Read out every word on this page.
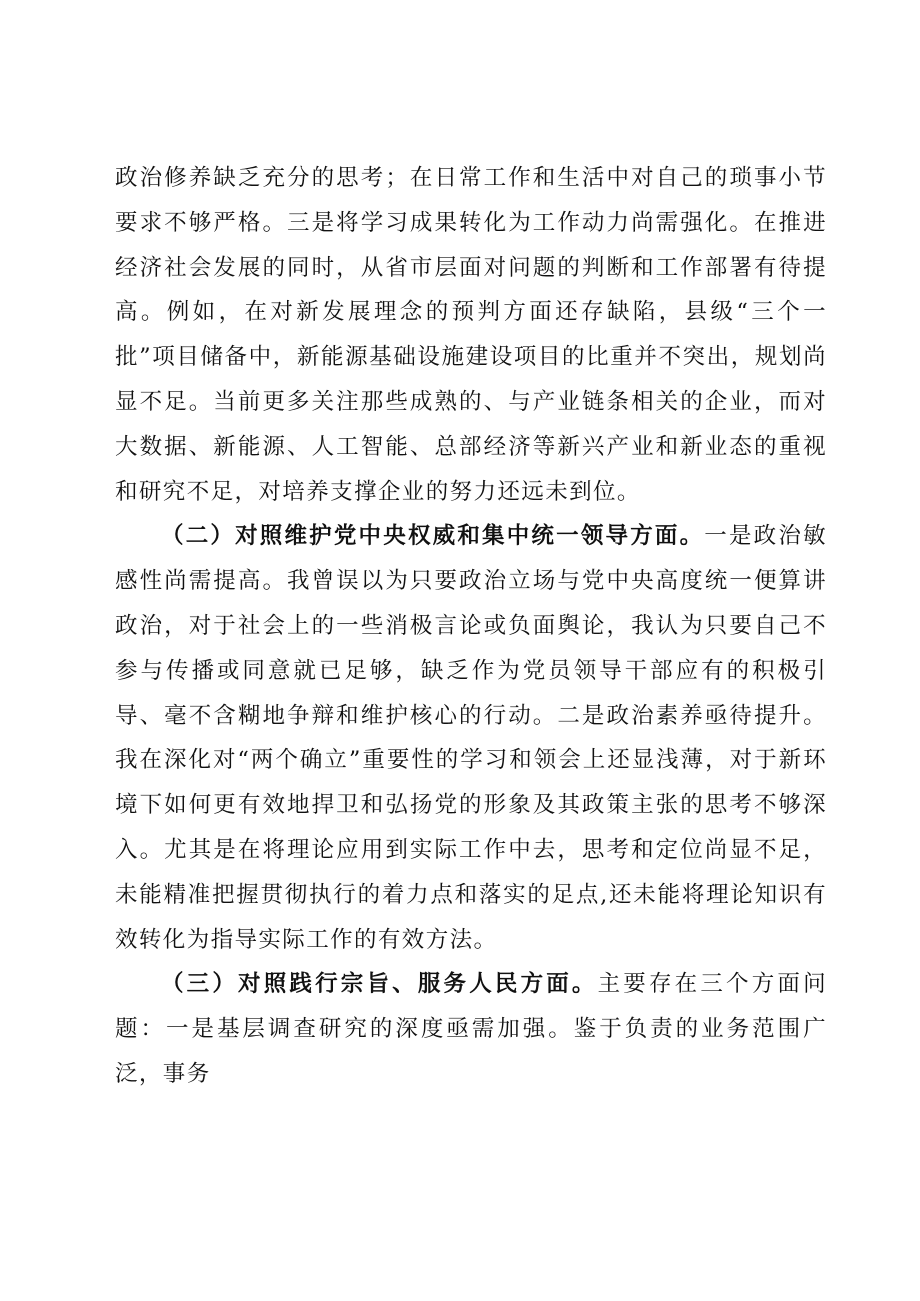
政治修养缺乏充分的思考；在日常工作和生活中对自己的琐事小节要求不够严格。三是将学习成果转化为工作动力尚需强化。在推进经济社会发展的同时，从省市层面对问题的判断和工作部署有待提高。例如，在对新发展理念的预判方面还存缺陷，县级“三个一批”项目储备中，新能源基础设施建设项目的比重并不突出，规划尚显不足。当前更多关注那些成熟的、与产业链条相关的企业，而对大数据、新能源、人工智能、总部经济等新兴产业和新业态的重视和研究不足，对培养支撑企业的努力还远未到位。

（二）对照维护党中央权威和集中统一领导方面。一是政治敏感性尚需提高。我曾误以为只要政治立场与党中央高度统一便算讲政治，对于社会上的一些消极言论或负面舆论，我认为只要自己不参与传播或同意就已足够，缺乏作为党员领导干部应有的积极引导、毫不含糊地争辩和维护核心的行动。二是政治素养亟待提升。我在深化对“两个确立”重要性的学习和领会上还显浅薄，对于新环境下如何更有效地捍卫和弘扬党的形象及其政策主张的思考不够深入。尤其是在将理论应用到实际工作中去，思考和定位尚显不足，未能精准把握贯彻执行的着力点和落实的足点,还未能将理论知识有效转化为指导实际工作的有效方法。

（三）对照践行宗旨、服务人民方面。主要存在三个方面问题：一是基层调查研究的深度亟需加强。鉴于负责的业务范围广泛，事务
